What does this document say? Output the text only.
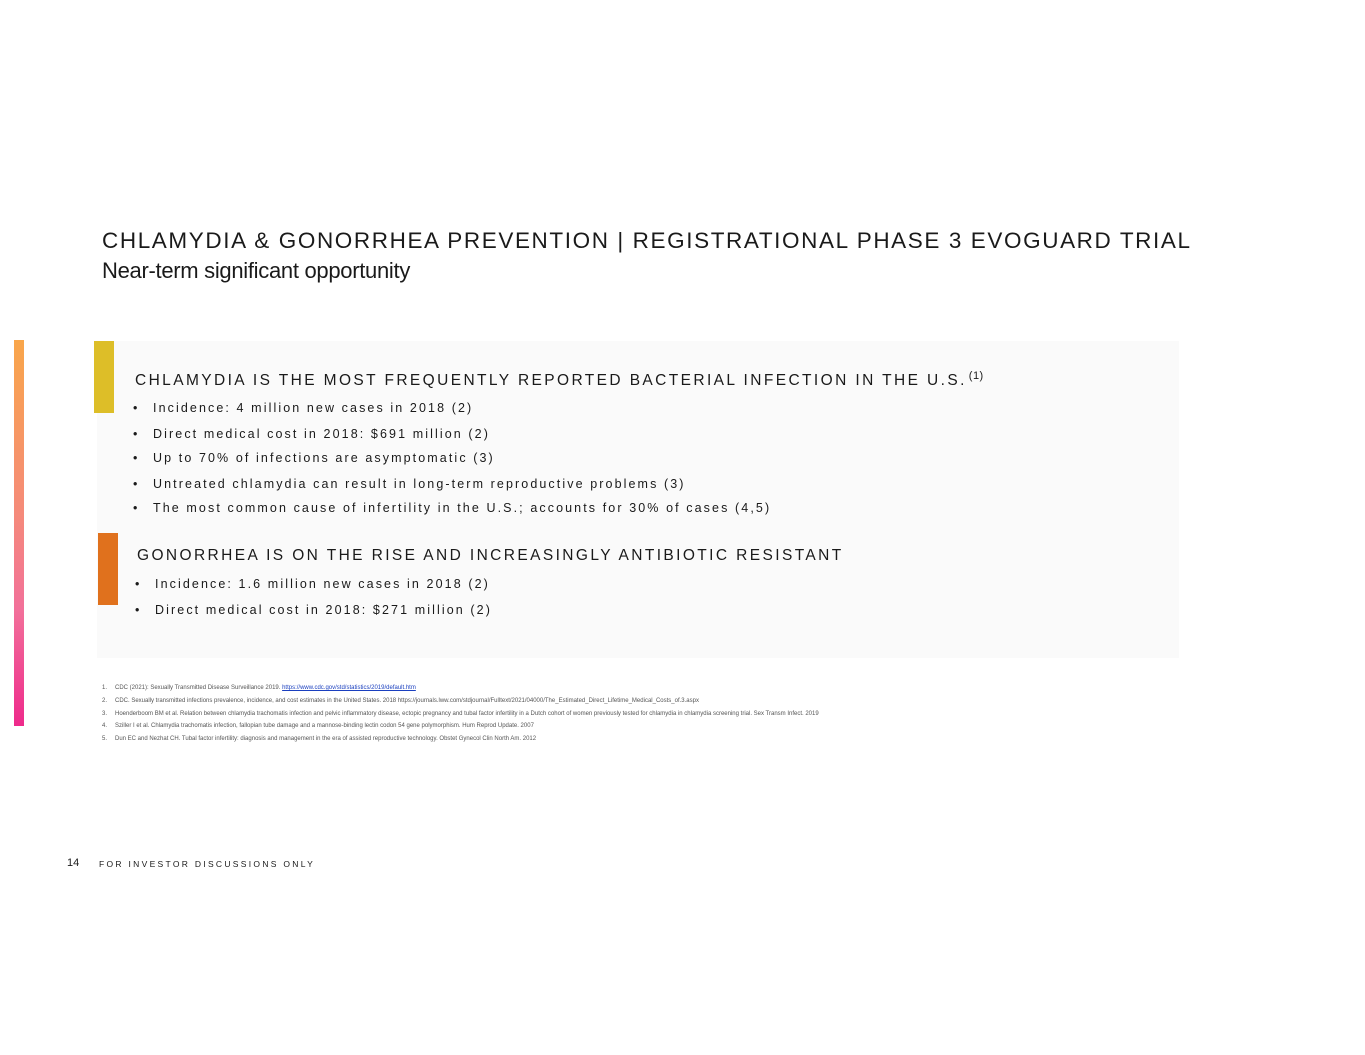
CHLAMYDIA & GONORRHEA PREVENTION | REGISTRATIONAL PHASE 3 EVOGUARD TRIAL
Near-term significant opportunity
CHLAMYDIA IS THE MOST FREQUENTLY REPORTED BACTERIAL INFECTION IN THE U.S. $^{(1)}$
• Incidence: 4 million new cases in 2018 (2)
• Direct medical cost in 2018: $691 million (2)
• Up to 70% of infections are asymptomatic (3)
• Untreated chlamydia can result in long-term reproductive problems (3)
• The most common cause of infertility in the U.S.; accounts for 30% of cases (4,5)
GONORRHEA IS ON THE RISE AND INCREASINGLY ANTIBIOTIC RESISTANT
• Incidence: 1.6 million new cases in 2018 (2)
• Direct medical cost in 2018: $271 million (2)
1. CDC (2021): Sexually Transmitted Disease Surveillance 2019. https://www.cdc.gov/std/statistics/2019/default.htm
2. CDC. Sexually transmitted infections prevalence, incidence, and cost estimates in the United States. 2018 https://journals.lww.com/stdjournal/Fulltext/2021/04000/The_Estimated_Direct_Lifetime_Medical_Costs_of.3.aspx
3. Hoenderboom BM et al. Relation between chlamydia trachomatis infection and pelvic inflammatory disease, ectopic pregnancy and tubal factor infertility in a Dutch cohort of women previously tested for chlamydia in chlamydia screening trial. Sex Transm Infect. 2019
4. Sziller I et al. Chlamydia trachomatis infection, fallopian tube damage and a mannose-binding lectin codon 54 gene polymorphism. Hum Reprod Update. 2007
5. Dun EC and Nezhat CH. Tubal factor infertility: diagnosis and management in the era of assisted reproductive technology. Obstet Gynecol Clin North Am. 2012
14 FOR INVESTOR DISCUSSIONS ONLY
